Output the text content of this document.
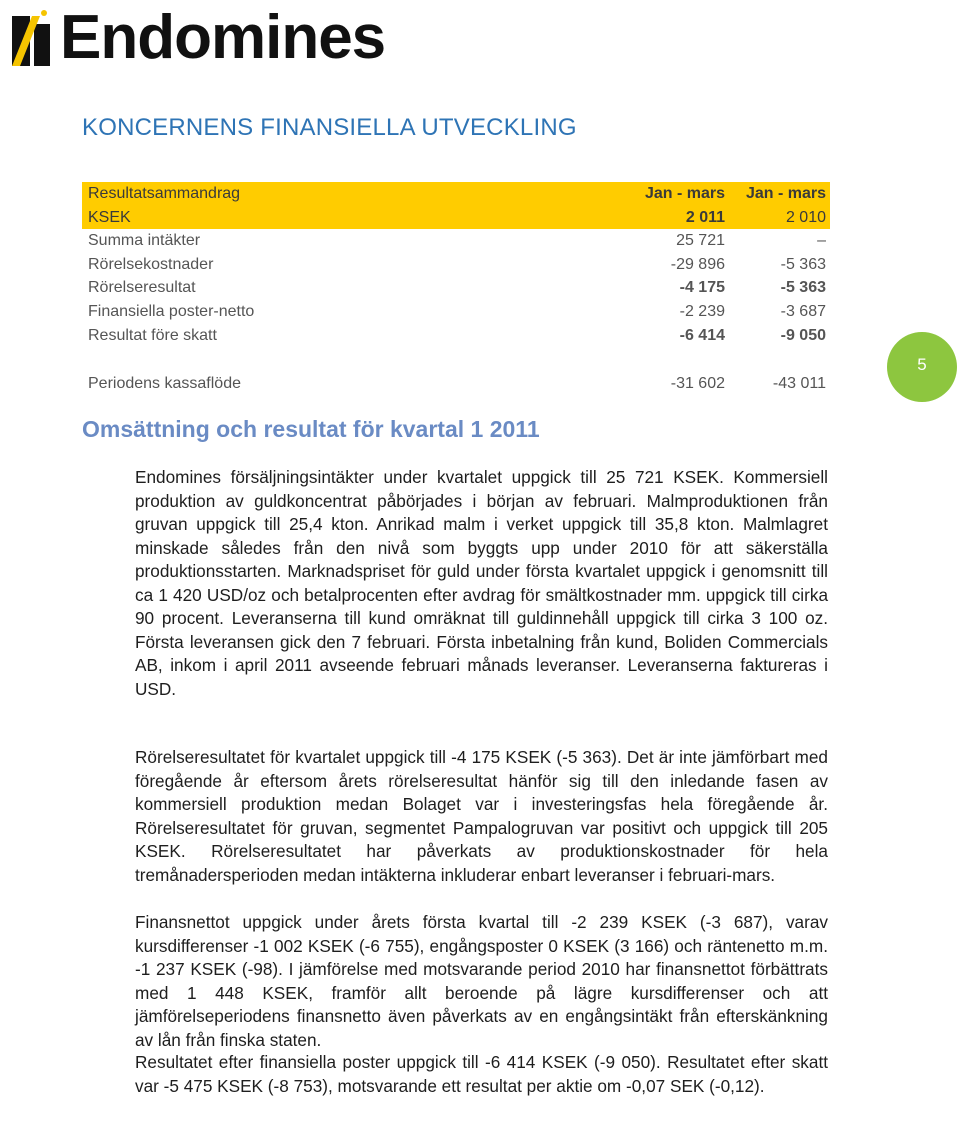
Endomines
KONCERNENS FINANSIELLA UTVECKLING
Resultatsammandrag	Jan - mars	Jan - mars
KSEK	2 011	2 010
Summa intäkter	25 721	–
Rörelsekostnader	-29 896	-5 363
Rörelseresultat	-4 175	-5 363
Finansiella poster-netto	-2 239	-3 687
Resultat före skatt	-6 414	-9 050
Periodens kassaflöde	-31 602	-43 011
5
Omsättning och resultat för kvartal 1 2011

Endomines försäljningsintäkter under kvartalet uppgick till 25 721 KSEK. Kommersiell produktion av guldkoncentrat påbörjades i början av februari. Malmproduktionen från gruvan uppgick till 25,4 kton. Anrikad malm i verket uppgick till 35,8 kton. Malmlagret minskade således från den nivå som byggts upp under 2010 för att säkerställa produktionsstarten. Marknadspriset för guld under första kvartalet uppgick i genomsnitt till ca 1 420 USD/oz och betalprocenten efter avdrag för smältkostnader mm. uppgick till cirka 90 procent. Leveranserna till kund omräknat till guldinnehåll uppgick till cirka 3 100 oz. Första leveransen gick den 7 februari. Första inbetalning från kund, Boliden Commercials AB, inkom i april 2011 avseende februari månads leveranser. Leveranserna faktureras i USD.

Rörelseresultatet för kvartalet uppgick till -4 175 KSEK (-5 363). Det är inte jämförbart med föregående år eftersom årets rörelseresultat hänför sig till den inledande fasen av kommersiell produktion medan Bolaget var i investeringsfas hela föregående år. Rörelseresultatet för gruvan, segmentet Pampalogruvan var positivt och uppgick till 205 KSEK. Rörelseresultatet har påverkats av produktionskostnader för hela tremånadersperioden medan intäkterna inkluderar enbart leveranser i februari-mars.

Finansnettot uppgick under årets första kvartal till -2 239 KSEK (-3 687), varav kursdifferenser -1 002 KSEK (-6 755), engångsposter 0 KSEK (3 166) och räntenetto m.m. -1 237 KSEK (-98). I jämförelse med motsvarande period 2010 har finansnettot förbättrats med 1 448 KSEK, framför allt beroende på lägre kursdifferenser och att jämförelseperiodens finansnetto även påverkats av en engångsintäkt från efterskänkning av lån från finska staten.

Resultatet efter finansiella poster uppgick till -6 414 KSEK (-9 050). Resultatet efter skatt var -5 475 KSEK (-8 753), motsvarande ett resultat per aktie om -0,07 SEK (-0,12).
